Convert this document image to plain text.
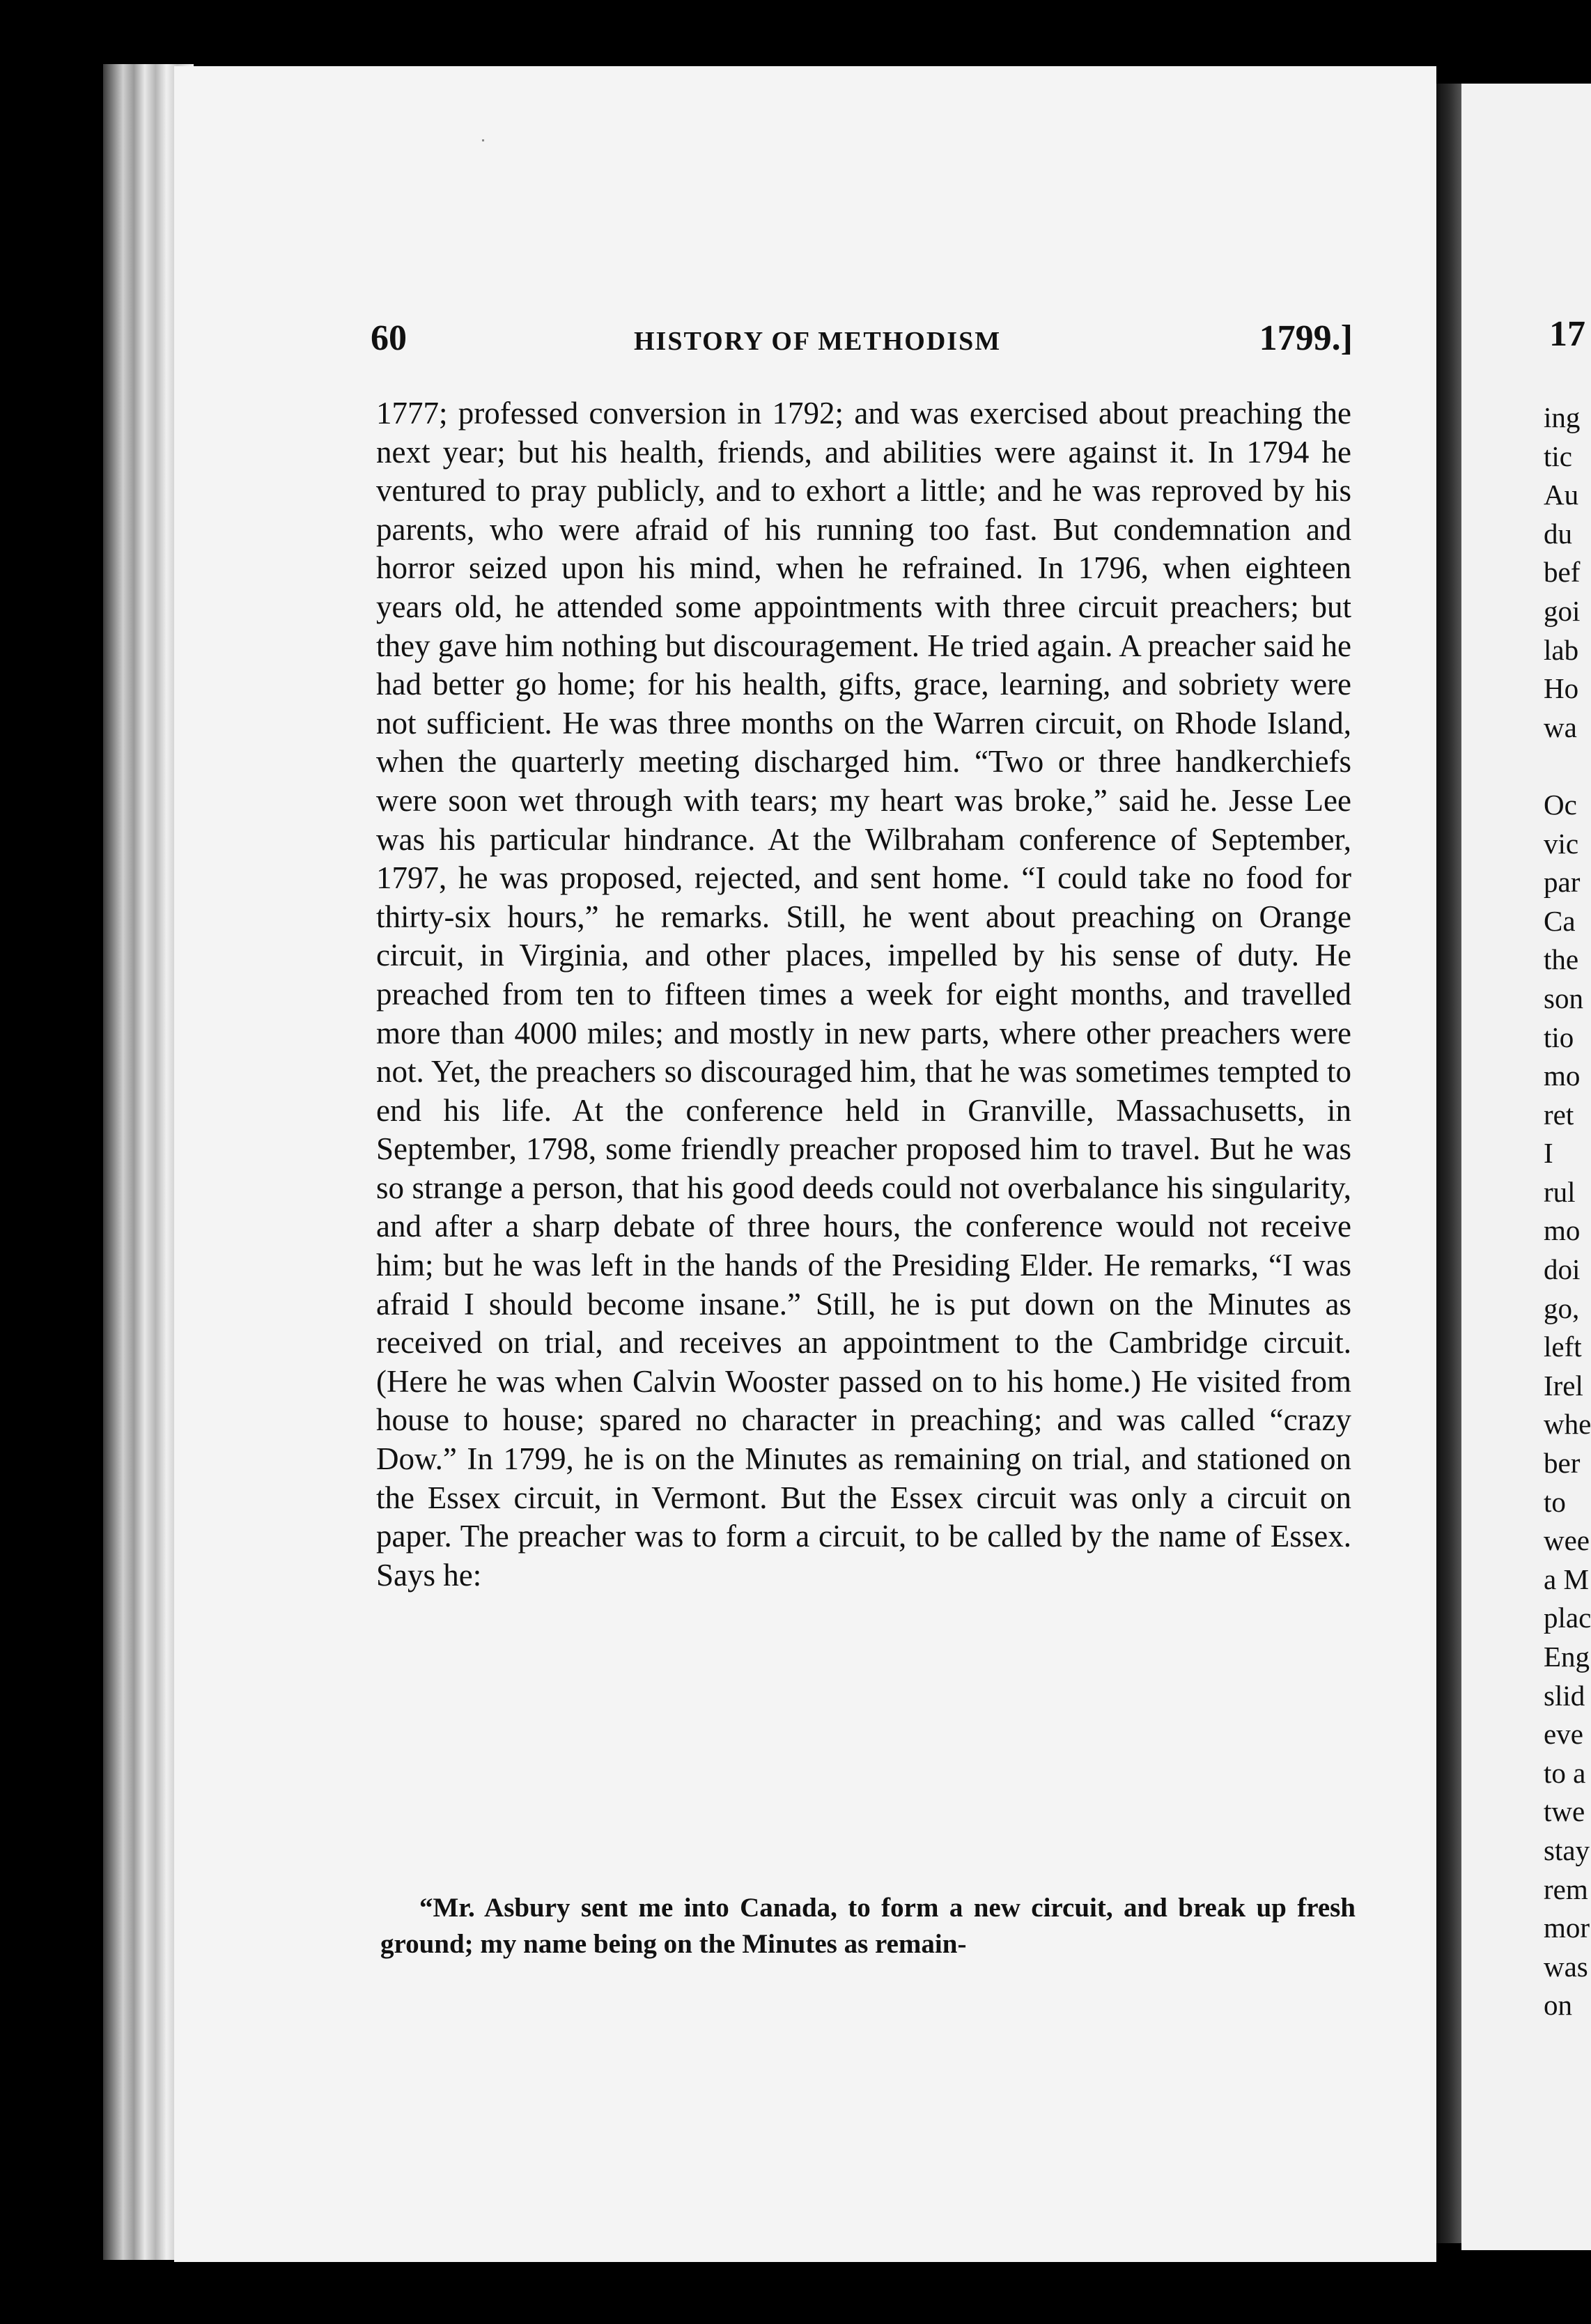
60	HISTORY OF METHODISM	1799.]
1777; professed conversion in 1792; and was exercised about preaching the next year; but his health, friends, and abilities were against it. In 1794 he ventured to pray publicly, and to exhort a little; and he was reproved by his parents, who were afraid of his running too fast. But condemnation and horror seized upon his mind, when he refrained. In 1796, when eighteen years old, he attended some appointments with three circuit preachers; but they gave him nothing but discouragement. He tried again. A preacher said he had better go home; for his health, gifts, grace, learning, and sobriety were not sufficient. He was three months on the Warren circuit, on Rhode Island, when the quarterly meeting discharged him. “Two or three handkerchiefs were soon wet through with tears; my heart was broke,” said he. Jesse Lee was his particular hindrance. At the Wilbraham conference of September, 1797, he was proposed, rejected, and sent home. “I could take no food for thirty-six hours,” he remarks. Still, he went about preaching on Orange circuit, in Virginia, and other places, impelled by his sense of duty. He preached from ten to fifteen times a week for eight months, and travelled more than 4000 miles; and mostly in new parts, where other preachers were not. Yet, the preachers so discouraged him, that he was sometimes tempted to end his life. At the conference held in Granville, Massachusetts, in September, 1798, some friendly preacher proposed him to travel. But he was so strange a person, that his good deeds could not overbalance his singularity, and after a sharp debate of three hours, the conference would not receive him; but he was left in the hands of the Presiding Elder. He remarks, “I was afraid I should become insane.” Still, he is put down on the Minutes as received on trial, and receives an appointment to the Cambridge circuit. (Here he was when Calvin Wooster passed on to his home.) He visited from house to house; spared no character in preaching; and was called “crazy Dow.” In 1799, he is on the Minutes as remaining on trial, and stationed on the Essex circuit, in Vermont. But the Essex circuit was only a circuit on paper. The preacher was to form a circuit, to be called by the name of Essex. Says he:
“Mr. Asbury sent me into Canada, to form a new circuit, and break up fresh ground; my name being on the Minutes as remain-
17
ing
tic
Au
du
bef
goi
lab
Ho
wa
Oc
vic
par
Ca
the
son
tio
mo
ret
I
rul
mo
doi
go,
left
Irel
whe
ber
to
wee
a M
plac
Eng
slid
eve
to a
twe
stay
rem
mor
was
on
